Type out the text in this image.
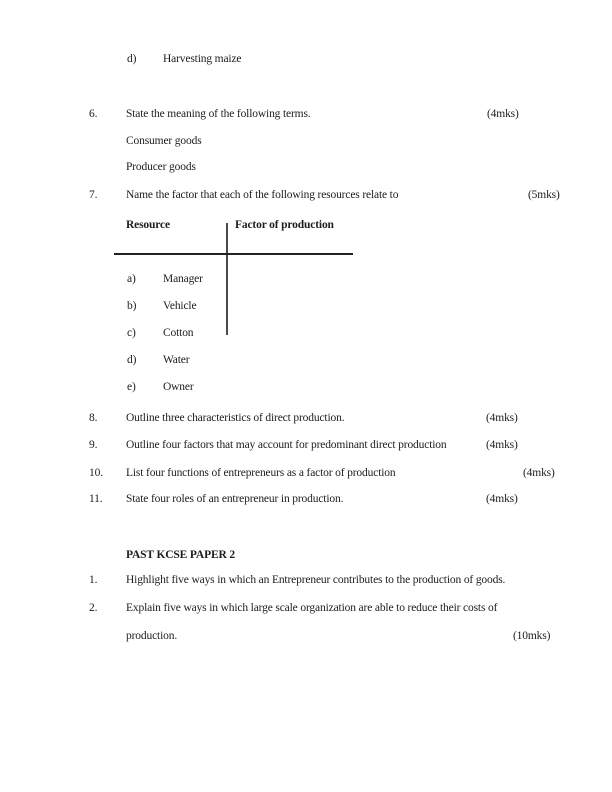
d) Harvesting maize
6. State the meaning of the following terms.	(4mks)
Consumer goods
Producer goods
7. Name the factor that each of the following resources relate to	(5mks)
Resource	Factor of production
a) Manager
b) Vehicle
c) Cotton
d) Water
e) Owner
8. Outline three characteristics of direct production.	(4mks)
9. Outline four factors that may account for predominant direct production	(4mks)
10. List four functions of entrepreneurs as a factor of production	(4mks)
11. State four roles of an entrepreneur in production.	(4mks)
PAST KCSE PAPER 2
1. Highlight five ways in which an Entrepreneur contributes to the production of goods.
2. Explain five ways in which large scale organization are able to reduce their costs of
production.	(10mks)
